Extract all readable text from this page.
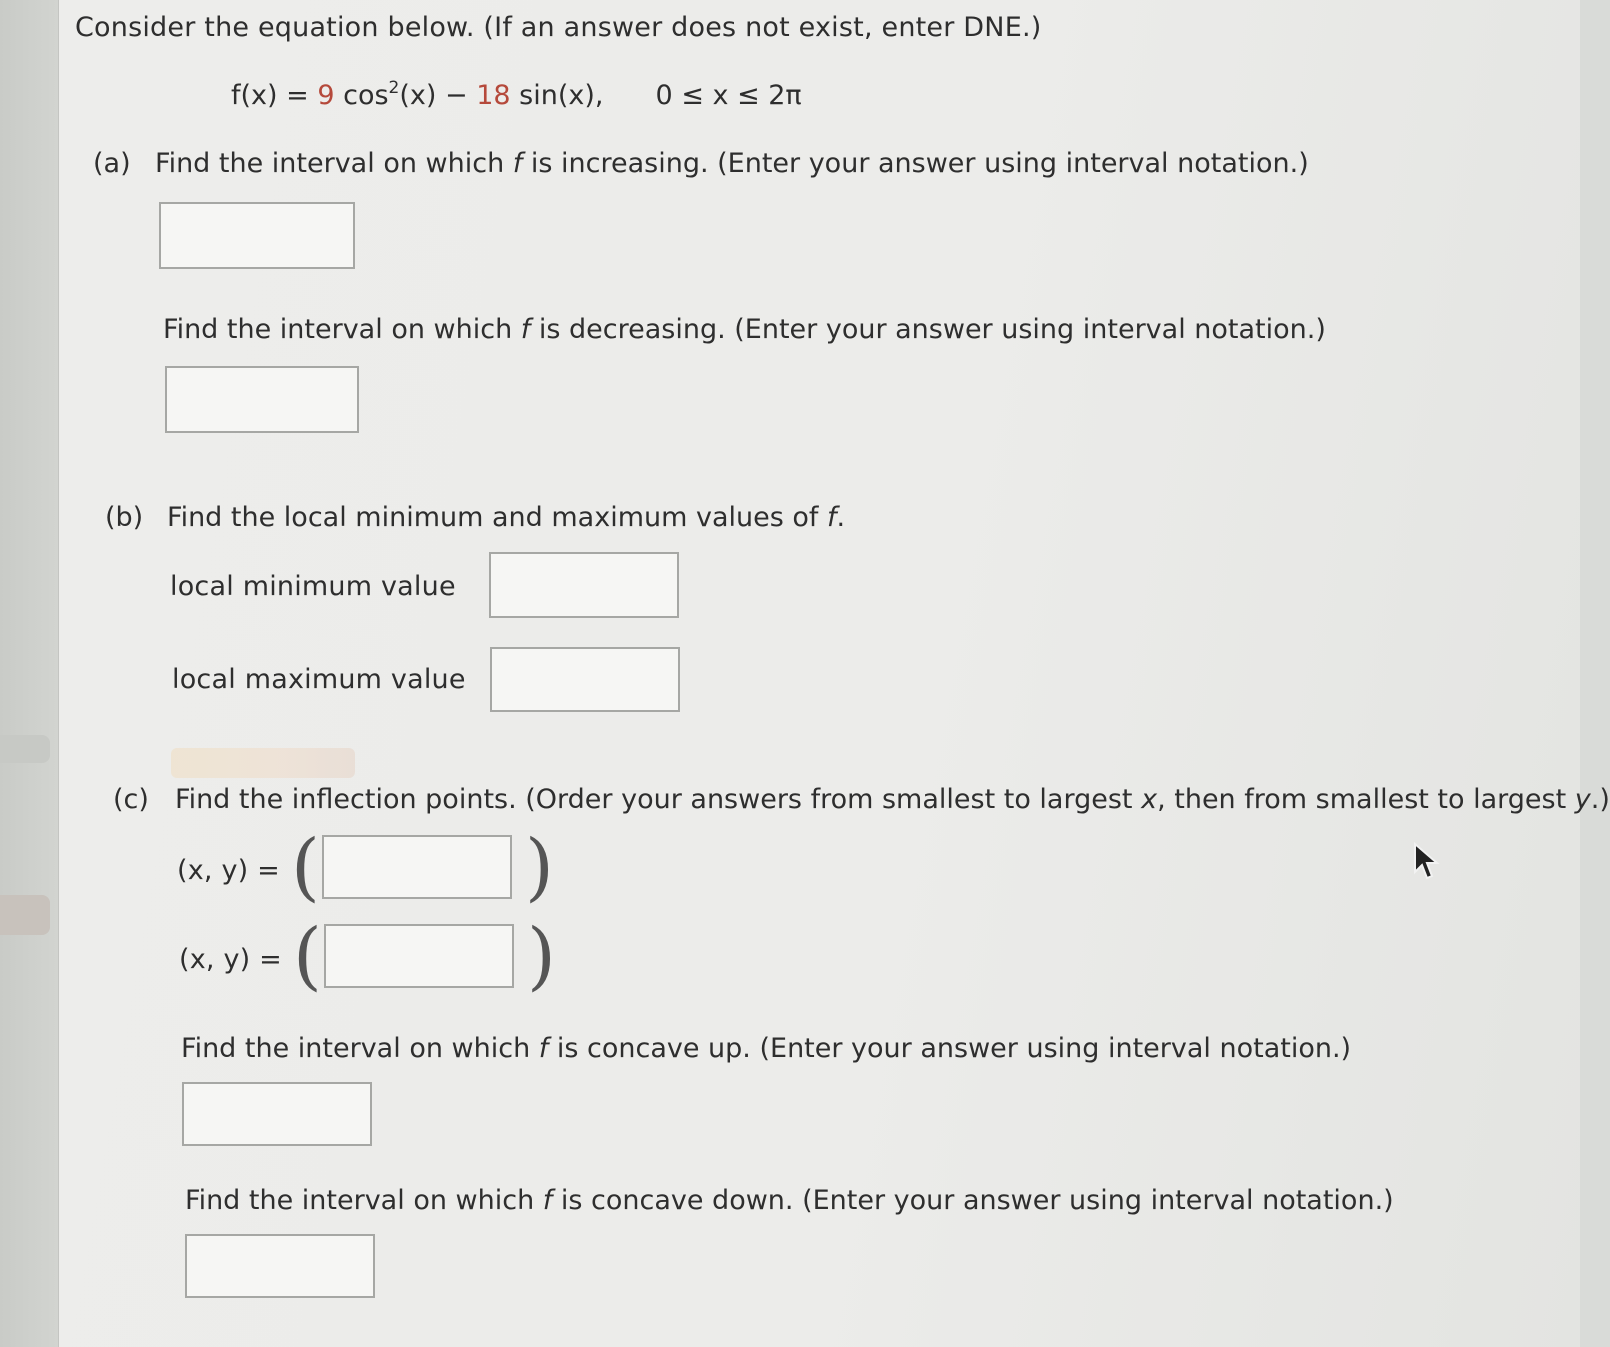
Consider the equation below. (If an answer does not exist, enter DNE.)
f(x) = 9 $\cos^2(x) - 18$ sin(x), 0 ≤ x ≤ 2π
(a) Find the interval on which f is increasing. (Enter your answer using interval notation.)
Find the interval on which f is decreasing. (Enter your answer using interval notation.)
(b) Find the local minimum and maximum values of f.
local minimum value
local maximum value
(c) Find the inflection points. (Order your answers from smallest to largest x, then from smallest to largest y.)
(x, y) = (	)
(x, y) = (	)
Find the interval on which f is concave up. (Enter your answer using interval notation.)
Find the interval on which f is concave down. (Enter your answer using interval notation.)
